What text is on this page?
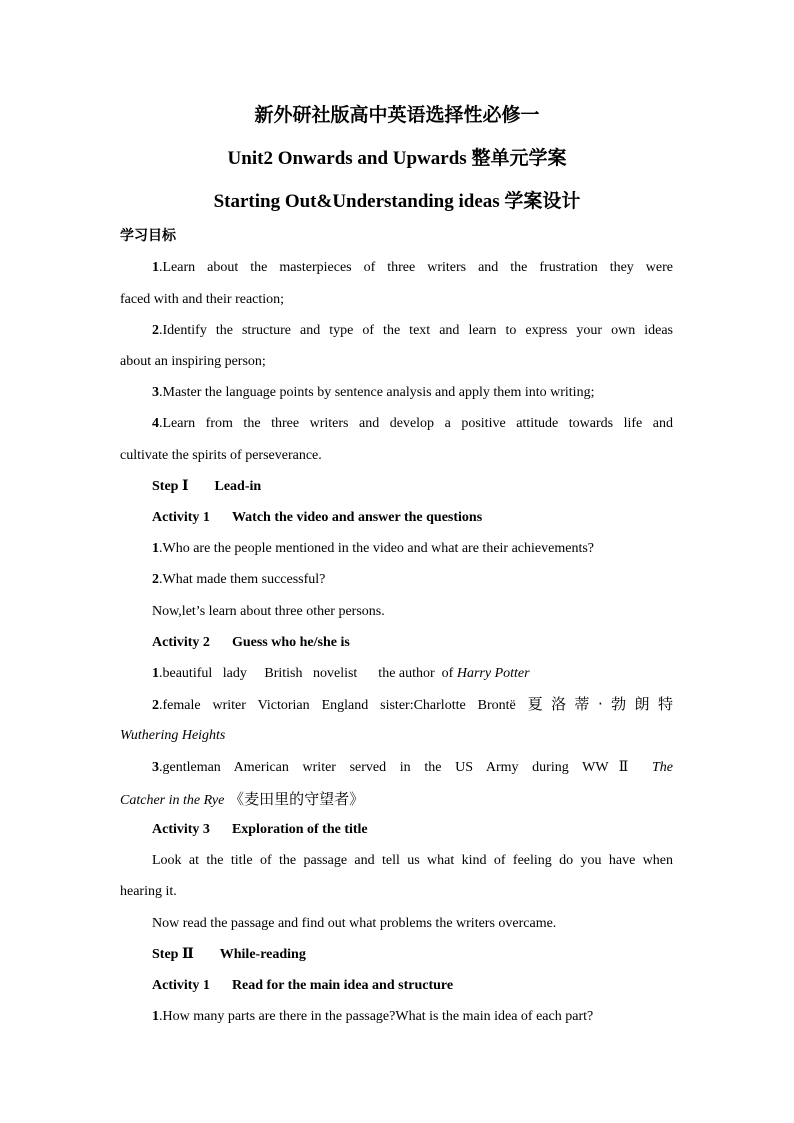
新外研社版高中英语选择性必修一
Unit2 Onwards and Upwards 整单元学案
Starting Out&Understanding ideas 学案设计
学习目标
1.Learn about the masterpieces of three writers and the frustration they were
faced with and their reaction;
2.Identify the structure and type of the text and learn to express your own ideas
about an inspiring person;
3.Master the language points by sentence analysis and apply them into writing;
4.Learn from the three writers and develop a positive attitude towards life and
cultivate the spirits of perseverance.
Step Ⅰ Lead-in
Activity 1 Watch the video and answer the questions
1.Who are the people mentioned in the video and what are their achievements?
2.What made them successful?
Now,let’s learn about three other persons.
Activity 2 Guess who he/she is
1.beautiful   lady     British   novelist      the author  of Harry Potter
2.female writer Victorian England sister:Charlotte Brontë 夏洛蒂·勃朗特
Wuthering Heights
3.gentleman American writer served in the US Army during WWⅡ The
Catcher in the Rye 《麦田里的守望者》
Activity 3 Exploration of the title
Look at the title of the passage and tell us what kind of feeling do you have when
hearing it.
Now read the passage and find out what problems the writers overcame.
Step Ⅱ While-reading
Activity 1 Read for the main idea and structure
1.How many parts are there in the passage?What is the main idea of each part?
